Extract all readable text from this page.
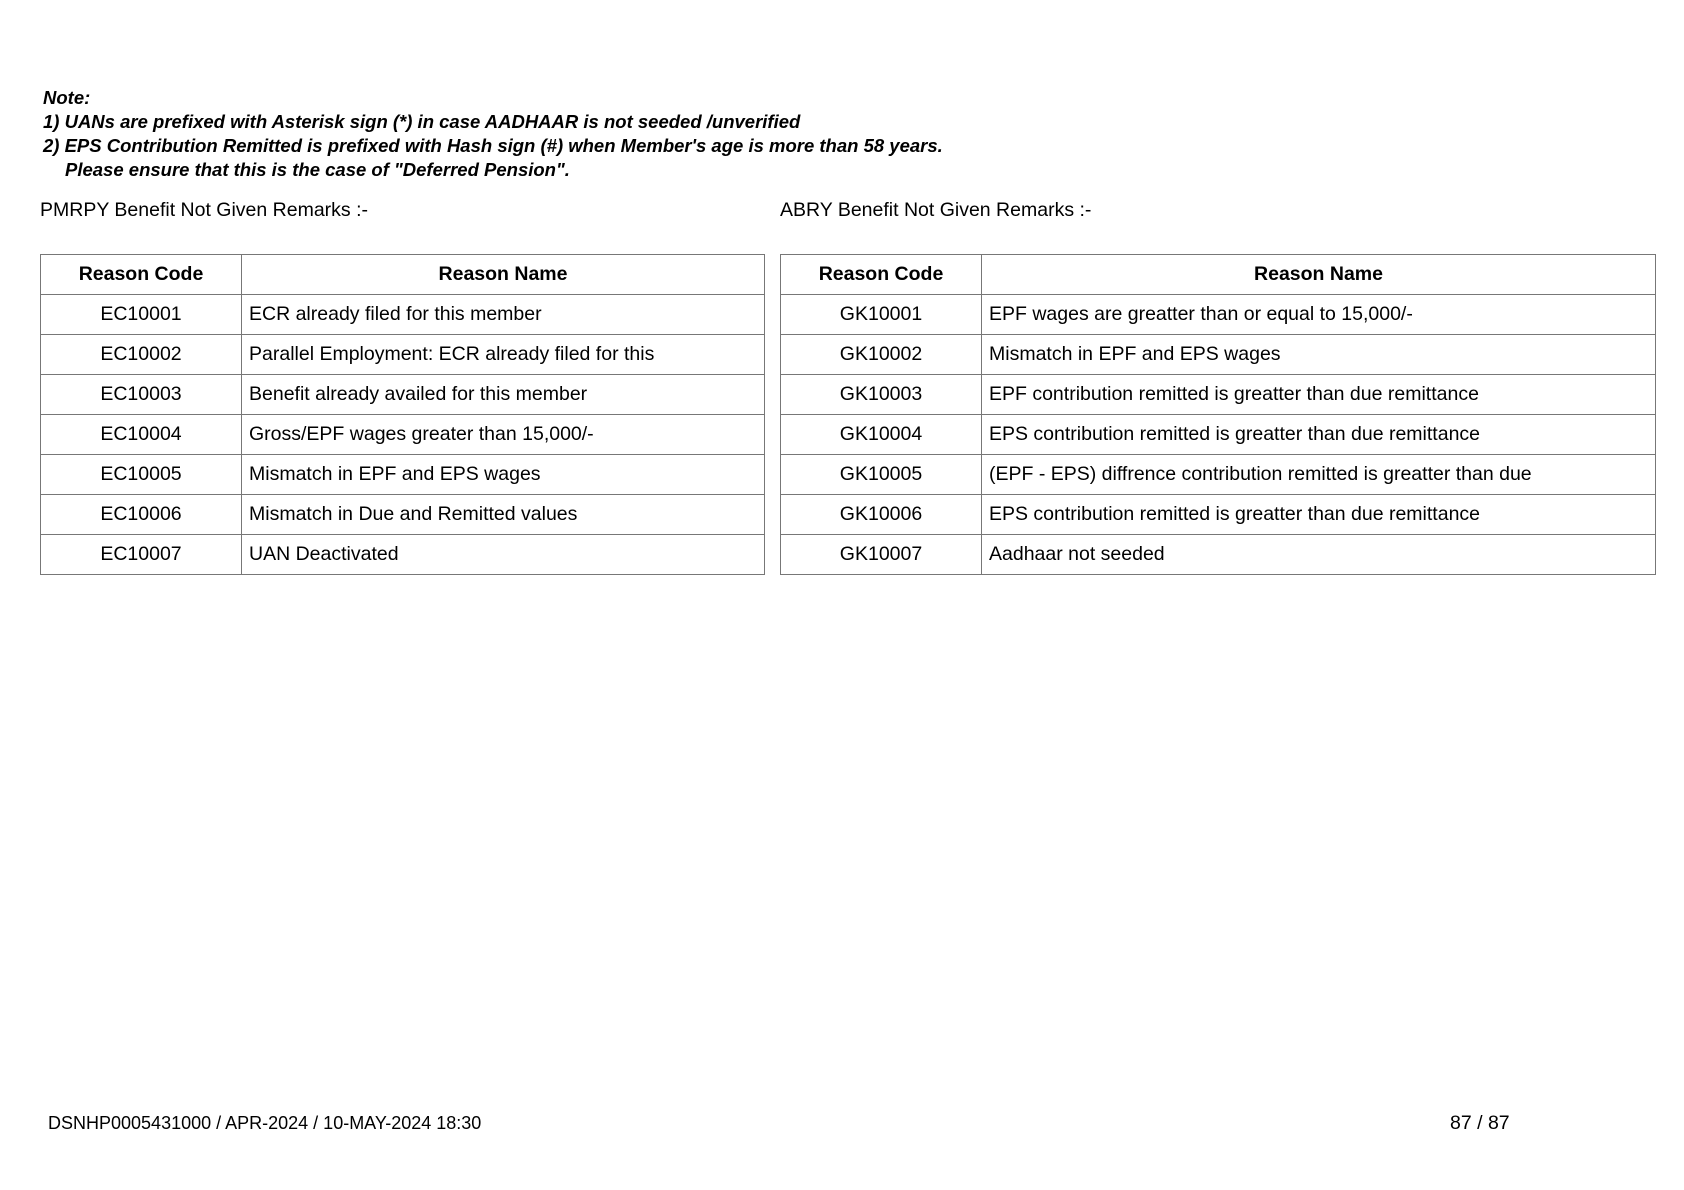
Note:
1) UANs are prefixed with Asterisk sign (*) in case AADHAAR is not seeded /unverified
2) EPS Contribution Remitted is prefixed with Hash sign (#) when Member's age is more than 58 years.
Please ensure that this is the case of "Deferred Pension".
PMRPY Benefit Not Given Remarks :-	ABRY Benefit Not Given Remarks :-
Reason Code	Reason Name
EC10001	ECR already filed for this member
EC10002	Parallel Employment: ECR already filed for this
EC10003	Benefit already availed for this member
EC10004	Gross/EPF wages greater than 15,000/-
EC10005	Mismatch in EPF and EPS wages
EC10006	Mismatch in Due and Remitted values
EC10007	UAN Deactivated
Reason Code	Reason Name
GK10001	EPF wages are greatter than or equal to 15,000/-
GK10002	Mismatch in EPF and EPS wages
GK10003	EPF contribution remitted is greatter than due remittance
GK10004	EPS contribution remitted is greatter than due remittance
GK10005	(EPF - EPS) diffrence contribution remitted is greatter than due
GK10006	EPS contribution remitted is greatter than due remittance
GK10007	Aadhaar not seeded
DSNHP0005431000 / APR-2024 / 10-MAY-2024 18:30	87 / 87
